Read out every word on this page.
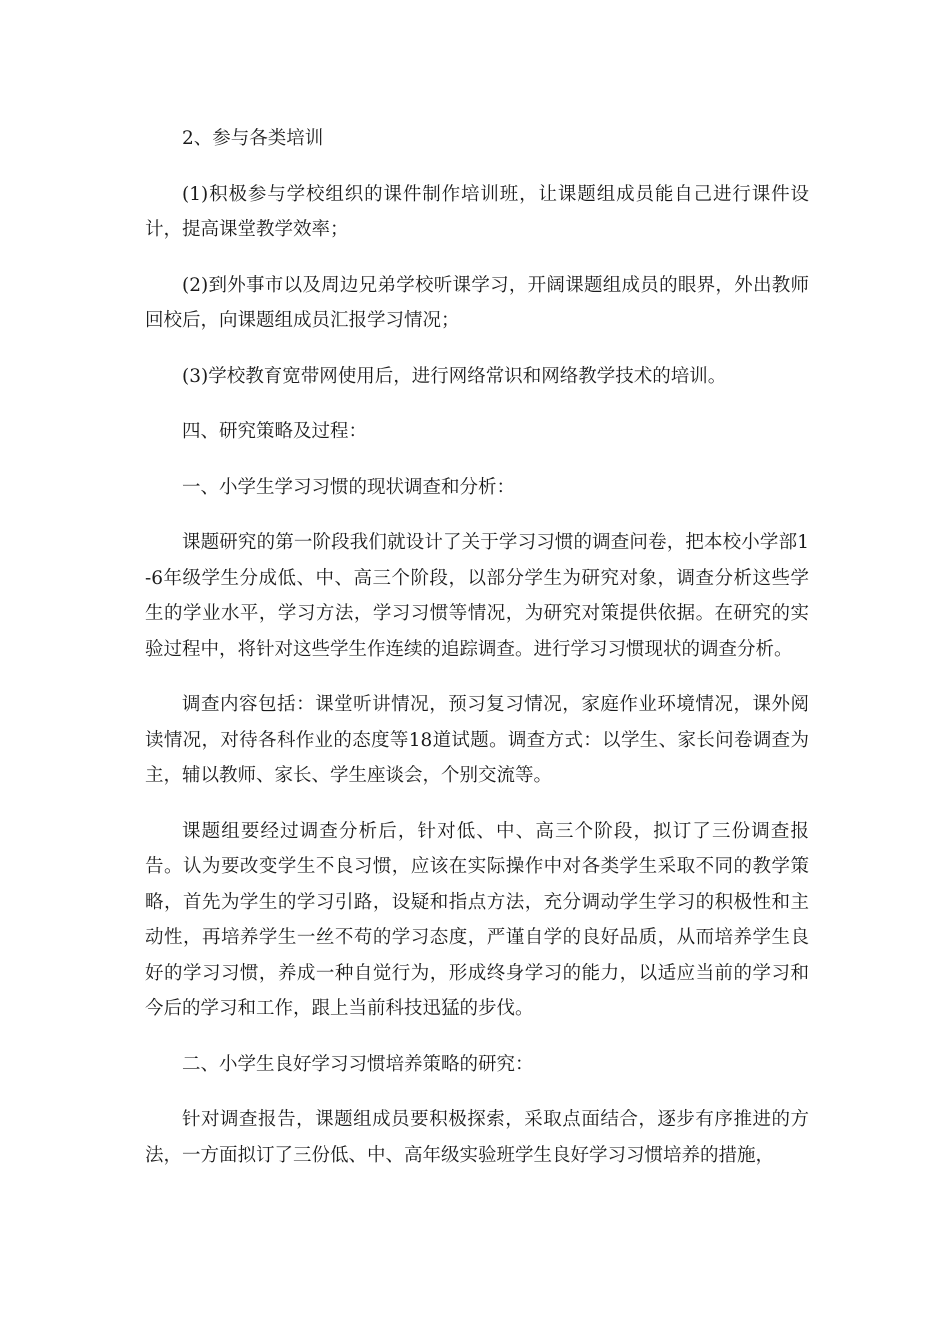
2、参与各类培训

(1)积极参与学校组织的课件制作培训班，让课题组成员能自己进行课件设计，提高课堂教学效率；

(2)到外事市以及周边兄弟学校听课学习，开阔课题组成员的眼界，外出教师回校后，向课题组成员汇报学习情况；

(3)学校教育宽带网使用后，进行网络常识和网络教学技术的培训。

四、研究策略及过程：

一、小学生学习习惯的现状调查和分析：

课题研究的第一阶段我们就设计了关于学习习惯的调查问卷，把本校小学部1-6年级学生分成低、中、高三个阶段，以部分学生为研究对象，调查分析这些学生的学业水平，学习方法，学习习惯等情况，为研究对策提供依据。在研究的实验过程中，将针对这些学生作连续的追踪调查。进行学习习惯现状的调查分析。

调查内容包括：课堂听讲情况，预习复习情况，家庭作业环境情况，课外阅读情况，对待各科作业的态度等18道试题。调查方式：以学生、家长问卷调查为主，辅以教师、家长、学生座谈会，个别交流等。

课题组要经过调查分析后，针对低、中、高三个阶段，拟订了三份调查报告。认为要改变学生不良习惯，应该在实际操作中对各类学生采取不同的教学策略，首先为学生的学习引路，设疑和指点方法，充分调动学生学习的积极性和主动性，再培养学生一丝不苟的学习态度，严谨自学的良好品质，从而培养学生良好的学习习惯，养成一种自觉行为，形成终身学习的能力，以适应当前的学习和今后的学习和工作，跟上当前科技迅猛的步伐。

二、小学生良好学习习惯培养策略的研究：

针对调查报告，课题组成员要积极探索，采取点面结合，逐步有序推进的方法，一方面拟订了三份低、中、高年级实验班学生良好学习习惯培养的措施，
